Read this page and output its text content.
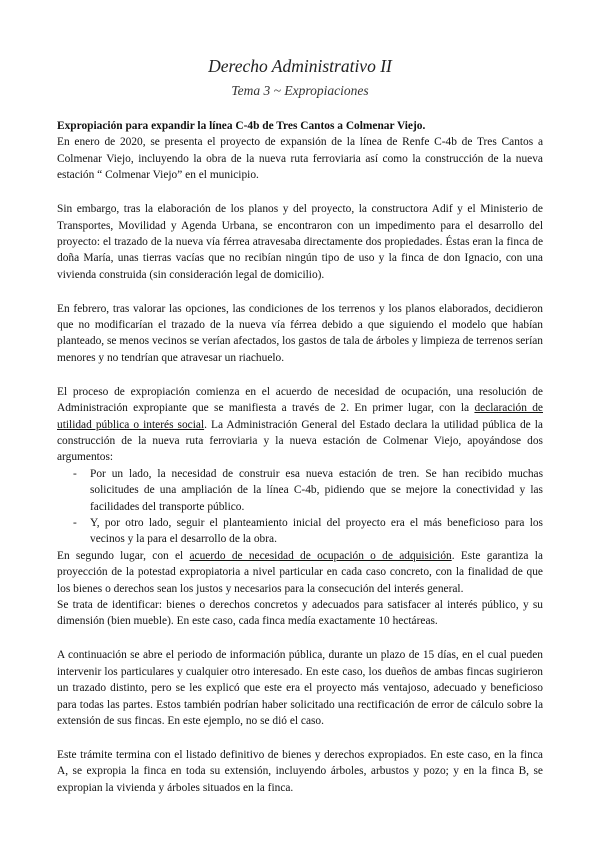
Derecho Administrativo II
Tema 3 ~ Expropiaciones

Expropiación para expandir la línea C-4b de Tres Cantos a Colmenar Viejo.

En enero de 2020, se presenta el proyecto de expansión de la línea de Renfe C-4b de Tres Cantos a Colmenar Viejo, incluyendo la obra de la nueva ruta ferroviaria así como la construcción de la nueva estación “ Colmenar Viejo” en el municipio.

Sin embargo, tras la elaboración de los planos y del proyecto, la constructora Adif y el Ministerio de Transportes, Movilidad y Agenda Urbana, se encontraron con un impedimento para el desarrollo del proyecto: el trazado de la nueva vía férrea atravesaba directamente dos propiedades. Éstas eran la finca de doña María, unas tierras vacías que no recibían ningún tipo de uso y la finca de don Ignacio, con una vivienda construida (sin consideración legal de domicilio).

En febrero, tras valorar las opciones, las condiciones de los terrenos y los planos elaborados, decidieron que no modificarían el trazado de la nueva vía férrea debido a que siguiendo el modelo que habían planteado, se menos vecinos se verían afectados, los gastos de tala de árboles y limpieza de terrenos serían menores y no tendrían que atravesar un riachuelo.

El proceso de expropiación comienza en el acuerdo de necesidad de ocupación, una resolución de Administración expropiante que se manifiesta a través de 2. En primer lugar, con la declaración de utilidad pública o interés social. La Administración General del Estado declara la utilidad pública de la construcción de la nueva ruta ferroviaria y la nueva estación de Colmenar Viejo, apoyándose dos argumentos:

- Por un lado, la necesidad de construir esa nueva estación de tren. Se han recibido muchas solicitudes de una ampliación de la línea C-4b, pidiendo que se mejore la conectividad y las facilidades del transporte público.
- Y, por otro lado, seguir el planteamiento inicial del proyecto era el más beneficioso para los vecinos y la para el desarrollo de la obra.

En segundo lugar, con el acuerdo de necesidad de ocupación o de adquisición. Este garantiza la proyección de la potestad expropiatoria a nivel particular en cada caso concreto, con la finalidad de que los bienes o derechos sean los justos y necesarios para la consecución del interés general.

Se trata de identificar: bienes o derechos concretos y adecuados para satisfacer al interés público, y su dimensión (bien mueble). En este caso, cada finca medía exactamente 10 hectáreas.

A continuación se abre el periodo de información pública, durante un plazo de 15 días, en el cual pueden intervenir los particulares y cualquier otro interesado. En este caso, los dueños de ambas fincas sugirieron un trazado distinto, pero se les explicó que este era el proyecto más ventajoso, adecuado y beneficioso para todas las partes. Estos también podrían haber solicitado una rectificación de error de cálculo sobre la extensión de sus fincas. En este ejemplo, no se dió el caso.

Este trámite termina con el listado definitivo de bienes y derechos expropiados. En este caso, en la finca A, se expropia la finca en toda su extensión, incluyendo árboles, arbustos y pozo; y en la finca B, se expropian la vivienda y árboles situados en la finca.
